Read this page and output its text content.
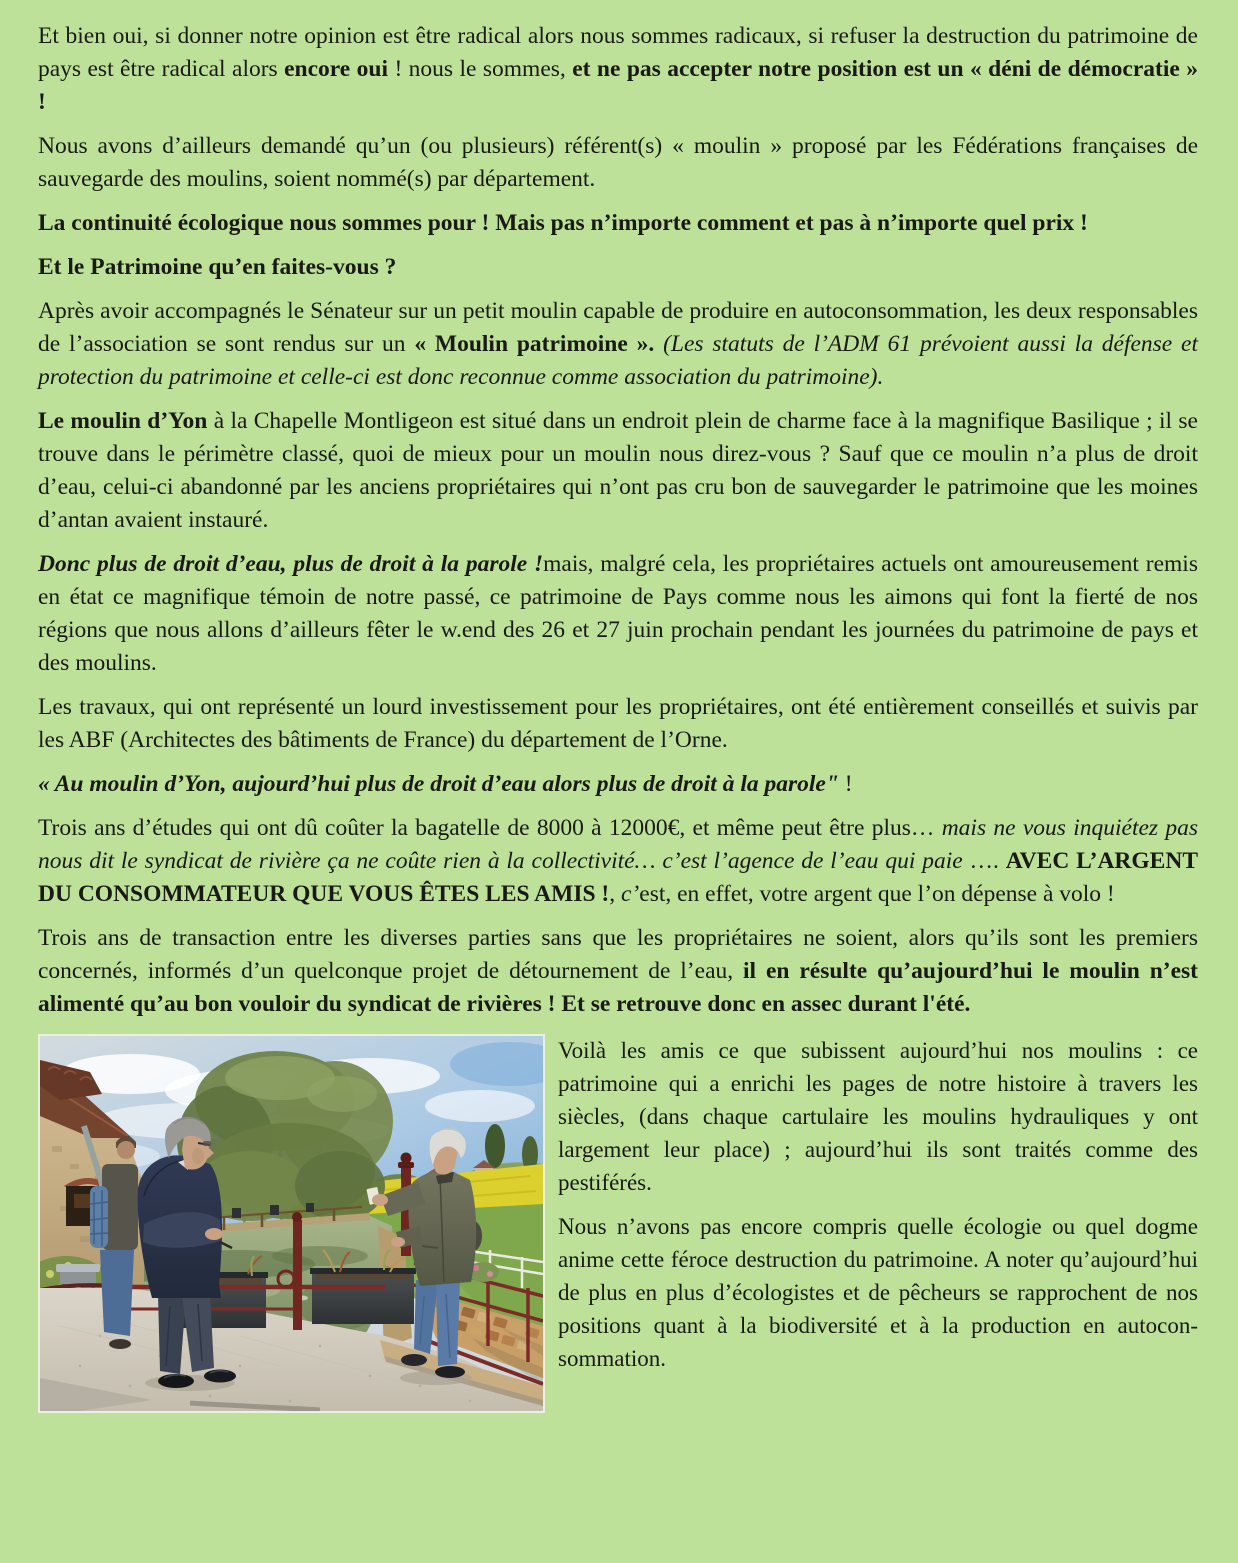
Et bien oui, si donner notre opinion est être radical alors nous sommes radicaux, si refuser la destruction du patrimoine de pays est être radical alors encore oui ! nous le sommes, et ne pas accepter notre position est un « déni de démocratie » !

Nous avons d’ailleurs demandé qu’un (ou plusieurs) référent(s) « moulin » proposé par les Fédérations françaises de sauvegarde des moulins, soient nommé(s) par département.

La continuité écologique nous sommes pour ! Mais pas n’importe comment et pas à n’importe quel prix !

Et le Patrimoine qu’en faites-vous ?

Après avoir accompagnés le Sénateur sur un petit moulin capable de produire en autoconsommation, les deux responsables de l’association se sont rendus sur un « Moulin patrimoine ». (Les statuts de l’ADM 61 prévoient aussi la défense et protection du patrimoine et celle-ci est donc reconnue comme association du patrimoine).

Le moulin d’Yon à la Chapelle Montligeon est situé dans un endroit plein de charme face à la magnifique Basilique ; il se trouve dans le périmètre classé, quoi de mieux pour un moulin nous direz-vous ? Sauf que ce moulin n’a plus de droit d’eau, celui-ci abandonné par les anciens propriétaires qui n’ont pas cru bon de sauvegarder le patrimoine que les moines d’antan avaient instauré.

Donc plus de droit d’eau, plus de droit à la parole !mais, malgré cela, les propriétaires actuels ont amoureusement remis en état ce magnifique témoin de notre passé, ce patrimoine de Pays comme nous les aimons qui font la fierté de nos régions que nous allons d’ailleurs fêter le w.end des 26 et 27 juin prochain pendant les journées du patrimoine de pays et des moulins.

Les travaux, qui ont représenté un lourd investissement pour les propriétaires, ont été entièrement conseillés et suivis par les ABF (Architectes des bâtiments de France) du département de l’Orne.

« Au moulin d’Yon, aujourd’hui plus de droit d’eau alors plus de droit à la parole" !

Trois ans d’études qui ont dû coûter la bagatelle de 8000 à 12000€, et même peut être plus… mais ne vous inquiétez pas nous dit le syndicat de rivière ça ne coûte rien à la collectivité… c’est l’agence de l’eau qui paie …. AVEC L’ARGENT DU CONSOMMATEUR QUE VOUS ÊTES LES AMIS !, c’est, en effet, votre argent que l’on dépense à volo !

Trois ans de transaction entre les diverses parties sans que les propriétaires ne soient, alors qu’ils sont les premiers concernés, informés d’un quelconque projet de détournement de l’eau, il en résulte qu’aujourd’hui le moulin n’est alimenté qu’au bon vouloir du syndicat de rivières ! Et se retrouve donc en assec durant l'été.

Voilà les amis ce que subissent aujourd’hui nos moulins : ce patrimoine qui a enrichi les pages de notre histoire à travers les siècles, (dans chaque cartulaire les moulins hydrauliques y ont largement leur place) ; aujourd’hui ils sont traités comme des pestiférés.

Nous n’avons pas encore compris quelle écologie ou quel dogme anime cette féroce destruction du patrimoine. A noter qu’aujourd’hui de plus en plus d’écologistes et de pêcheurs se rapprochent de nos positions quant à la biodiversité et à la production en autoconsommation.
